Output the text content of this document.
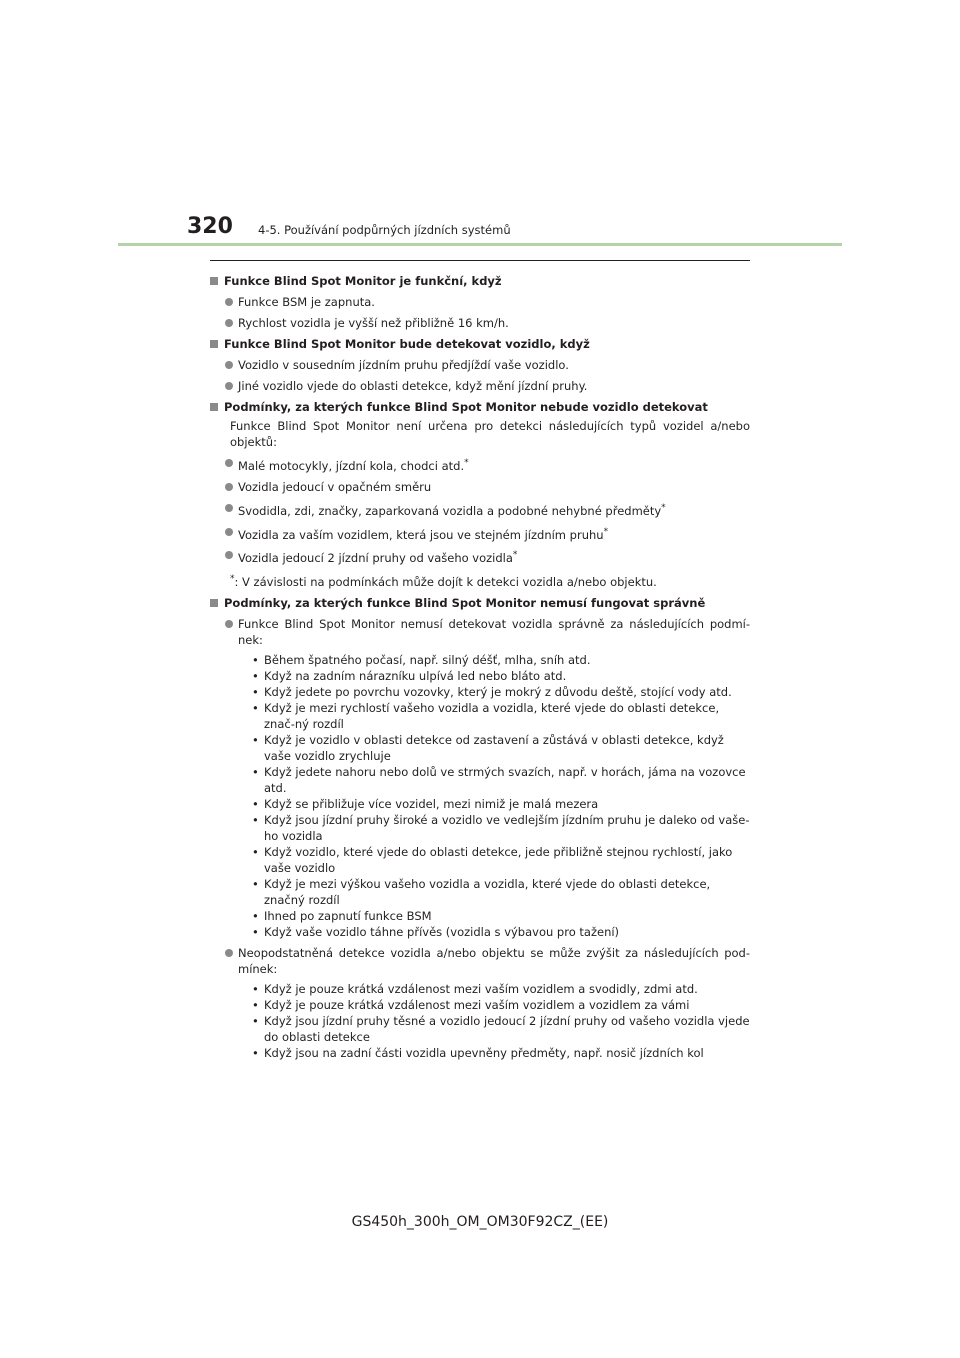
320 4-5. Používání podpůrných jízdních systémů
Funkce Blind Spot Monitor je funkční, když
Funkce BSM je zapnuta.
Rychlost vozidla je vyšší než přibližně 16 km/h.
Funkce Blind Spot Monitor bude detekovat vozidlo, když
Vozidlo v sousedním jízdním pruhu předjíždí vaše vozidlo.
Jiné vozidlo vjede do oblasti detekce, když mění jízdní pruhy.
Podmínky, za kterých funkce Blind Spot Monitor nebude vozidlo detekovat
Funkce Blind Spot Monitor není určena pro detekci následujících typů vozidel a/nebo objektů:
Malé motocykly, jízdní kola, chodci atd.*
Vozidla jedoucí v opačném směru
Svodidla, zdi, značky, zaparkovaná vozidla a podobné nehybné předměty*
Vozidla za vaším vozidlem, která jsou ve stejném jízdním pruhu*
Vozidla jedoucí 2 jízdní pruhy od vašeho vozidla*
*: V závislosti na podmínkách může dojít k detekci vozidla a/nebo objektu.
Podmínky, za kterých funkce Blind Spot Monitor nemusí fungovat správně
Funkce Blind Spot Monitor nemusí detekovat vozidla správně za následujících podmí-nek:
• Během špatného počasí, např. silný déšť, mlha, sníh atd.
• Když na zadním nárazníku ulpívá led nebo bláto atd.
• Když jedete po povrchu vozovky, který je mokrý z důvodu deště, stojící vody atd.
• Když je mezi rychlostí vašeho vozidla a vozidla, které vjede do oblasti detekce, znač-ný rozdíl
• Když je vozidlo v oblasti detekce od zastavení a zůstává v oblasti detekce, když vaše vozidlo zrychluje
• Když jedete nahoru nebo dolů ve strmých svazích, např. v horách, jáma na vozovce atd.
• Když se přibližuje více vozidel, mezi nimiž je malá mezera
• Když jsou jízdní pruhy široké a vozidlo ve vedlejším jízdním pruhu je daleko od vaše-ho vozidla
• Když vozidlo, které vjede do oblasti detekce, jede přibližně stejnou rychlostí, jako vaše vozidlo
• Když je mezi výškou vašeho vozidla a vozidla, které vjede do oblasti detekce, značný rozdíl
• Ihned po zapnutí funkce BSM
• Když vaše vozidlo táhne přívěs (vozidla s výbavou pro tažení)
Neopodstatněná detekce vozidla a/nebo objektu se může zvýšit za následujících pod-mínek:
• Když je pouze krátká vzdálenost mezi vaším vozidlem a svodidly, zdmi atd.
• Když je pouze krátká vzdálenost mezi vaším vozidlem a vozidlem za vámi
• Když jsou jízdní pruhy těsné a vozidlo jedoucí 2 jízdní pruhy od vašeho vozidla vjede do oblasti detekce
• Když jsou na zadní části vozidla upevněny předměty, např. nosič jízdních kol
GS450h_300h_OM_OM30F92CZ_(EE)
